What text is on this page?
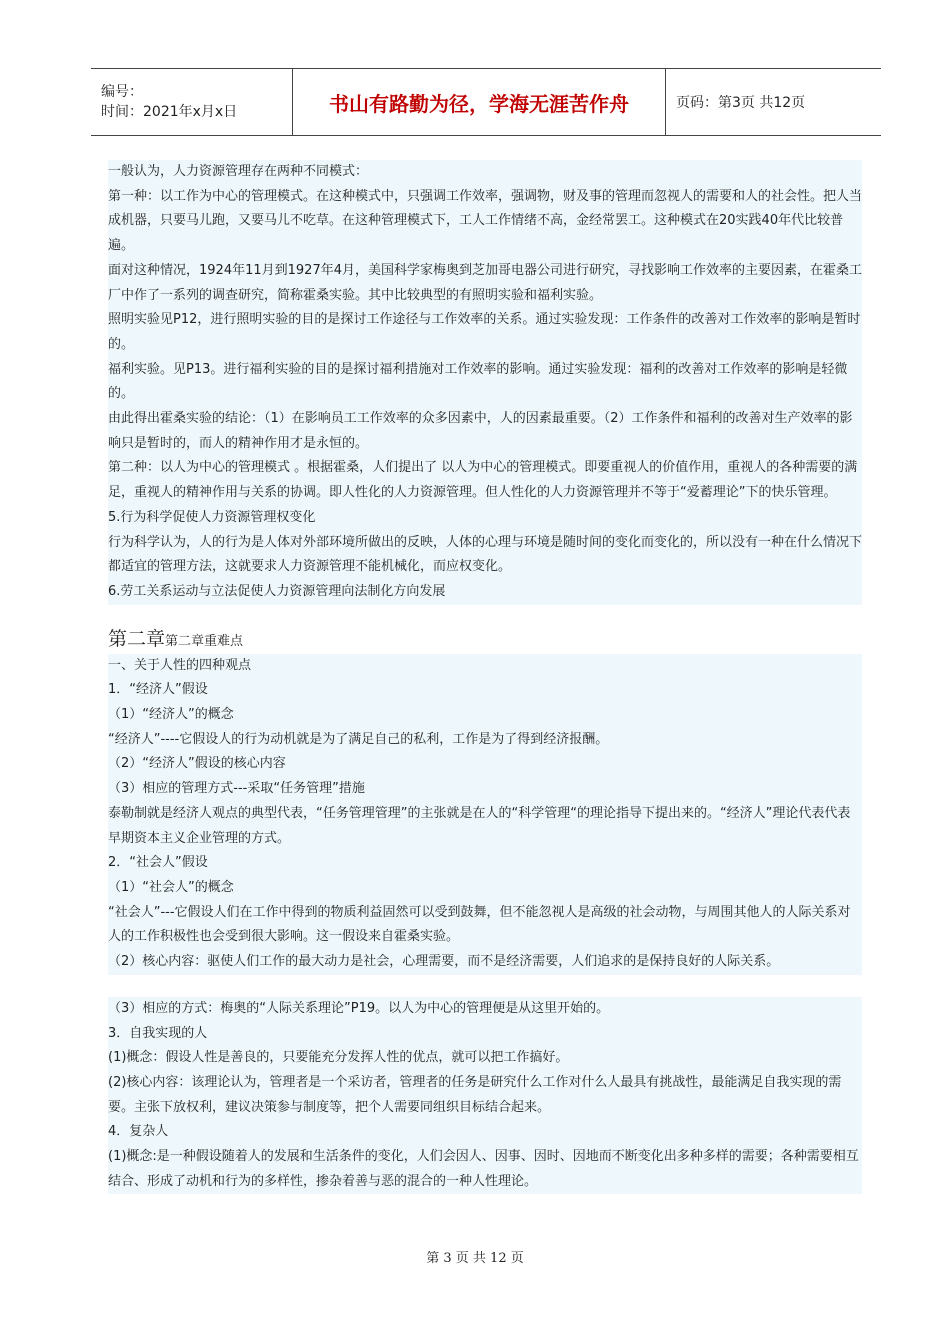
编号：
时间：2021年x月x日	书山有路勤为径，学海无涯苦作舟	页码：第3页 共12页

一般认为，人力资源管理存在两种不同模式：

第一种：以工作为中心的管理模式。在这种模式中，只强调工作效率，强调物，财及事的管理而忽视人的需要和人的社会性。把人当成机器，只要马儿跑，又要马儿不吃草。在这种管理模式下，工人工作情绪不高，金经常罢工。这种模式在20实践40年代比较普遍。

面对这种情况，1924年11月到1927年4月，美国科学家梅奥到芝加哥电器公司进行研究，寻找影响工作效率的主要因素，在霍桑工厂中作了一系列的调查研究，简称霍桑实验。其中比较典型的有照明实验和福利实验。

照明实验见P12，进行照明实验的目的是探讨工作途径与工作效率的关系。通过实验发现：工作条件的改善对工作效率的影响是暂时的。

福利实验。见P13。进行福利实验的目的是探讨福利措施对工作效率的影响。通过实验发现：福利的改善对工作效率的影响是轻微的。

由此得出霍桑实验的结论：（1）在影响员工工作效率的众多因素中，人的因素最重要。（2）工作条件和福利的改善对生产效率的影响只是暂时的，而人的精神作用才是永恒的。

第二种：以人为中心的管理模式 。根据霍桑，人们提出了 以人为中心的管理模式。即要重视人的价值作用，重视人的各种需要的满足，重视人的精神作用与关系的协调。即人性化的人力资源管理。但人性化的人力资源管理并不等于“爱蓄理论”下的快乐管理。

5.行为科学促使人力资源管理权变化

行为科学认为，人的行为是人体对外部环境所做出的反映，人体的心理与环境是随时间的变化而变化的，所以没有一种在什么情况下都适宜的管理方法，这就要求人力资源管理不能机械化，而应权变化。

6.劳工关系运动与立法促使人力资源管理向法制化方向发展

第二章第二章重难点

一、关于人性的四种观点

1．“经济人”假设

（1）“经济人”的概念

“经济人”----它假设人的行为动机就是为了满足自己的私利，工作是为了得到经济报酬。

（2）“经济人”假设的核心内容

（3）相应的管理方式---采取“任务管理”措施

泰勒制就是经济人观点的典型代表，“任务管理管理”的主张就是在人的“科学管理“的理论指导下提出来的。“经济人”理论代表代表早期资本主义企业管理的方式。

2．“社会人”假设

（1）“社会人”的概念

“社会人”---它假设人们在工作中得到的物质利益固然可以受到鼓舞，但不能忽视人是高级的社会动物，与周围其他人的人际关系对人的工作积极性也会受到很大影响。这一假设来自霍桑实验。

（2）核心内容：驱使人们工作的最大动力是社会，心理需要，而不是经济需要，人们追求的是保持良好的人际关系。

（3）相应的方式：梅奥的“人际关系理论”P19。以人为中心的管理便是从这里开始的。

3．自我实现的人

(1)概念：假设人性是善良的，只要能充分发挥人性的优点，就可以把工作搞好。

(2)核心内容：该理论认为，管理者是一个采访者，管理者的任务是研究什么工作对什么人最具有挑战性，最能满足自我实现的需要。主张下放权利，建议决策参与制度等，把个人需要同组织目标结合起来。

4．复杂人

(1)概念:是一种假设随着人的发展和生活条件的变化，人们会因人、因事、因时、因地而不断变化出多种多样的需要；各种需要相互结合、形成了动机和行为的多样性，掺杂着善与恶的混合的一种人性理论。

第 3 页 共 12 页
